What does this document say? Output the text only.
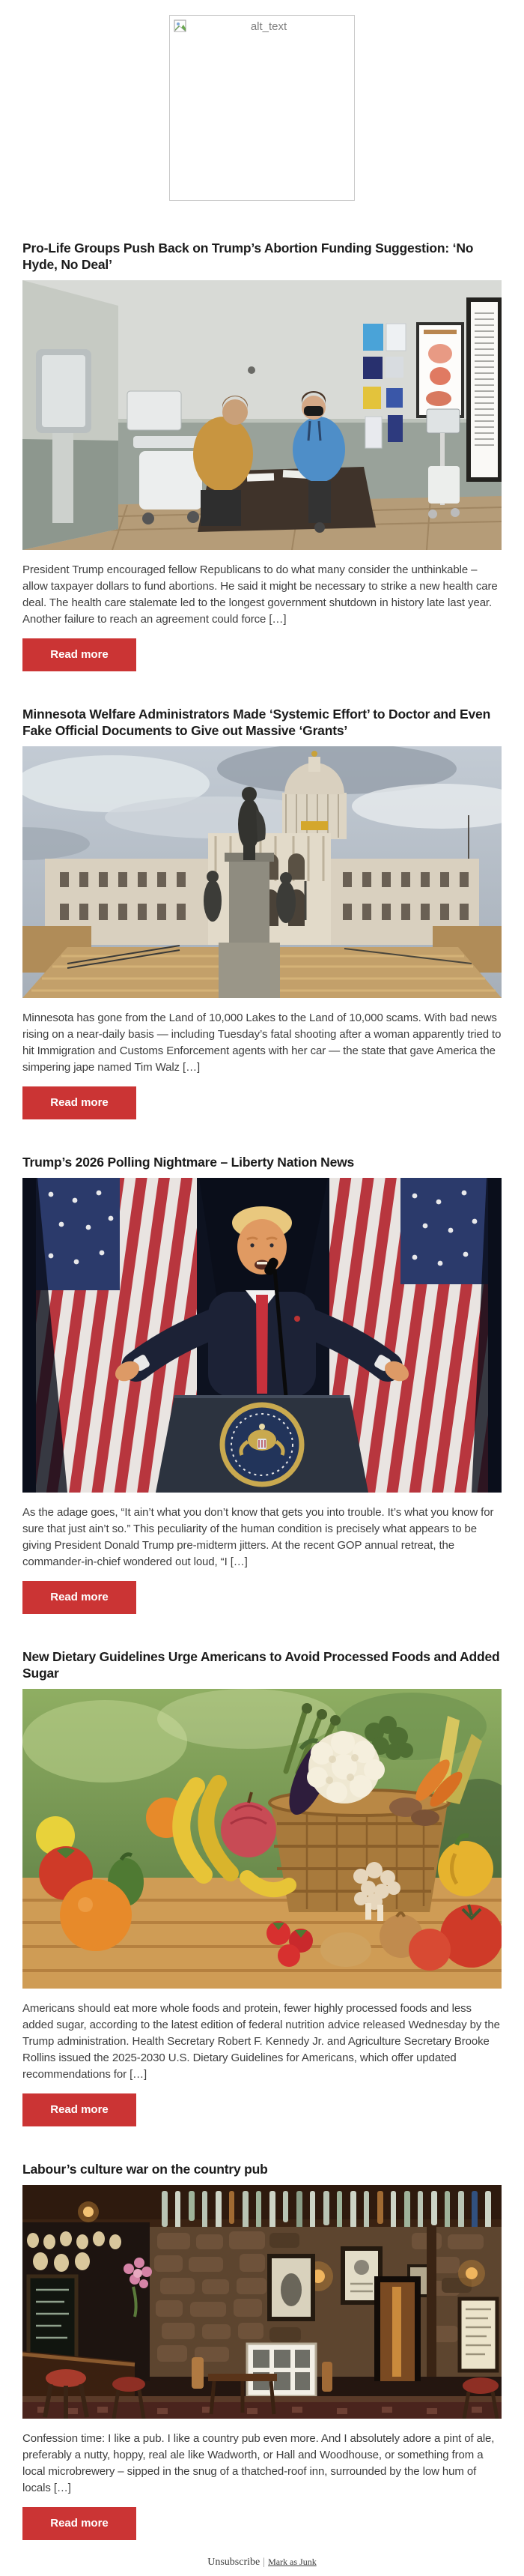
alt_text
Pro-Life Groups Push Back on Trump’s Abortion Funding Suggestion: ‘No Hyde, No Deal’

President Trump encouraged fellow Republicans to do what many consider the unthinkable – allow taxpayer dollars to fund abortions. He said it might be necessary to strike a new health care deal. The health care stalemate led to the longest government shutdown in history late last year. Another failure to reach an agreement could force […]

Read more
Minnesota Welfare Administrators Made ‘Systemic Effort’ to Doctor and Even Fake Official Documents to Give out Massive ‘Grants’

Minnesota has gone from the Land of 10,000 Lakes to the Land of 10,000 scams. With bad news rising on a near-daily basis — including Tuesday’s fatal shooting after a woman apparently tried to hit Immigration and Customs Enforcement agents with her car — the state that gave America the simpering jape named Tim Walz […]

Read more
Trump’s 2026 Polling Nightmare – Liberty Nation News

As the adage goes, “It ain’t what you don’t know that gets you into trouble. It’s what you know for sure that just ain’t so.” This peculiarity of the human condition is precisely what appears to be giving President Donald Trump pre-midterm jitters. At the recent GOP annual retreat, the commander-in-chief wondered out loud, “I […]

Read more
New Dietary Guidelines Urge Americans to Avoid Processed Foods and Added Sugar

Americans should eat more whole foods and protein, fewer highly processed foods and less added sugar, according to the latest edition of federal nutrition advice released Wednesday by the Trump administration. Health Secretary Robert F. Kennedy Jr. and Agriculture Secretary Brooke Rollins issued the 2025-2030 U.S. Dietary Guidelines for Americans, which offer updated recommendations for […]

Read more
Labour’s culture war on the country pub

Confession time: I like a pub. I like a country pub even more. And I absolutely adore a pint of ale, preferably a nutty, hoppy, real ale like Wadworth, or Hall and Woodhouse, or something from a local microbrewery – sipped in the snug of a thatched-roof inn, surrounded by the low hum of locals […]

Read more
Unsubscribe | Mark as Junk
